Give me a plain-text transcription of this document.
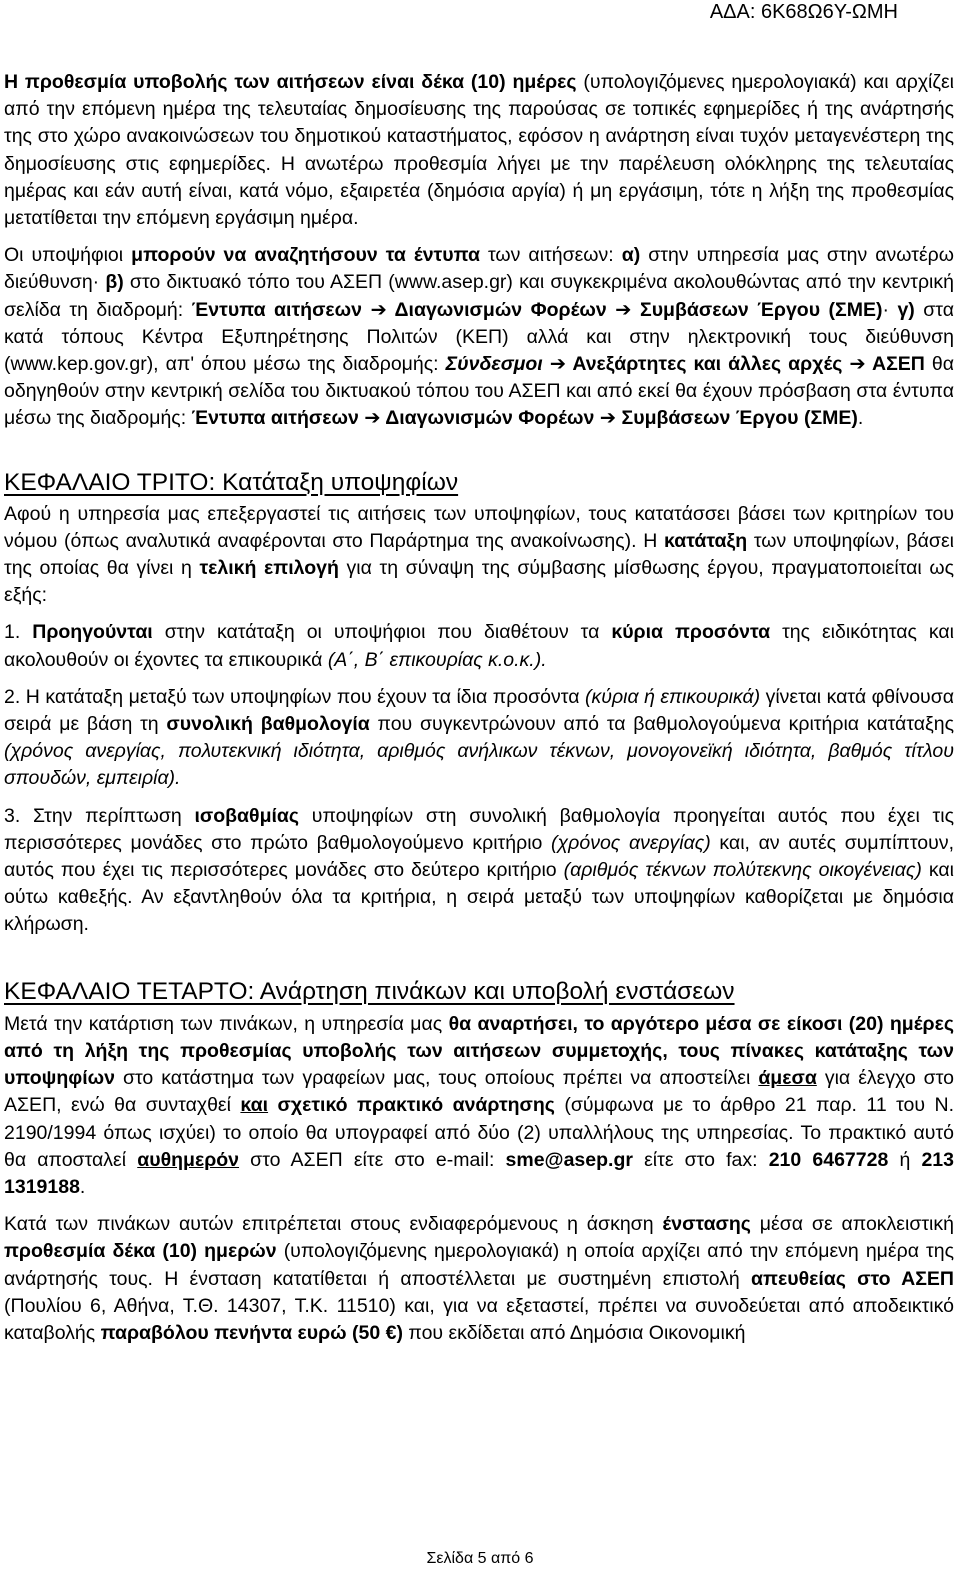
ΑΔΑ: 6Κ68Ω6Υ-ΩΜΗ

Η προθεσμία υποβολής των αιτήσεων είναι δέκα (10) ημέρες (υπολογιζόμενες ημερολογιακά) και αρχίζει από την επόμενη ημέρα της τελευταίας δημοσίευσης της παρούσας σε τοπικές εφημερίδες ή της ανάρτησής της στο χώρο ανακοινώσεων του δημοτικού καταστήματος, εφόσον η ανάρτηση είναι τυχόν μεταγενέστερη της δημοσίευσης στις εφημερίδες. Η ανωτέρω προθεσμία λήγει με την παρέλευση ολόκληρης της τελευταίας ημέρας και εάν αυτή είναι, κατά νόμο, εξαιρετέα (δημόσια αργία) ή μη εργάσιμη, τότε η λήξη της προθεσμίας μετατίθεται την επόμενη εργάσιμη ημέρα.

Οι υποψήφιοι μπορούν να αναζητήσουν τα έντυπα των αιτήσεων: α) στην υπηρεσία μας στην ανωτέρω διεύθυνση· β) στο δικτυακό τόπο του ΑΣΕΠ (www.asep.gr) και συγκεκριμένα ακολουθώντας από την κεντρική σελίδα τη διαδρομή: Έντυπα αιτήσεων ➔ Διαγωνισμών Φορέων ➔ Συμβάσεων Έργου (ΣΜΕ)· γ) στα κατά τόπους Κέντρα Εξυπηρέτησης Πολιτών (ΚΕΠ) αλλά και στην ηλεκτρονική τους διεύθυνση (www.kep.gov.gr), απ' όπου μέσω της διαδρομής: Σύνδεσμοι ➔ Ανεξάρτητες και άλλες αρχές ➔ ΑΣΕΠ θα οδηγηθούν στην κεντρική σελίδα του δικτυακού τόπου του ΑΣΕΠ και από εκεί θα έχουν πρόσβαση στα έντυπα μέσω της διαδρομής: Έντυπα αιτήσεων ➔ Διαγωνισμών Φορέων ➔ Συμβάσεων Έργου (ΣΜΕ).

ΚΕΦΑΛΑΙΟ ΤΡΙΤΟ: Κατάταξη υποψηφίων

Αφού η υπηρεσία μας επεξεργαστεί τις αιτήσεις των υποψηφίων, τους κατατάσσει βάσει των κριτηρίων του νόμου (όπως αναλυτικά αναφέρονται στο Παράρτημα της ανακοίνωσης). Η κατάταξη των υποψηφίων, βάσει της οποίας θα γίνει η τελική επιλογή για τη σύναψη της σύμβασης μίσθωσης έργου, πραγματοποιείται ως εξής:

1. Προηγούνται στην κατάταξη οι υποψήφιοι που διαθέτουν τα κύρια προσόντα της ειδικότητας και ακολουθούν οι έχοντες τα επικουρικά (Α΄, Β΄ επικουρίας κ.ο.κ.).

2. Η κατάταξη μεταξύ των υποψηφίων που έχουν τα ίδια προσόντα (κύρια ή επικουρικά) γίνεται κατά φθίνουσα σειρά με βάση τη συνολική βαθμολογία που συγκεντρώνουν από τα βαθμολογούμενα κριτήρια κατάταξης (χρόνος ανεργίας, πολυτεκνική ιδιότητα, αριθμός ανήλικων τέκνων, μονογονεϊκή ιδιότητα, βαθμός τίτλου σπουδών, εμπειρία).

3. Στην περίπτωση ισοβαθμίας υποψηφίων στη συνολική βαθμολογία προηγείται αυτός που έχει τις περισσότερες μονάδες στο πρώτο βαθμολογούμενο κριτήριο (χρόνος ανεργίας) και, αν αυτές συμπίπτουν, αυτός που έχει τις περισσότερες μονάδες στο δεύτερο κριτήριο (αριθμός τέκνων πολύτεκνης οικογένειας) και ούτω καθεξής. Αν εξαντληθούν όλα τα κριτήρια, η σειρά μεταξύ των υποψηφίων καθορίζεται με δημόσια κλήρωση.

ΚΕΦΑΛΑΙΟ ΤΕΤΑΡΤΟ: Ανάρτηση πινάκων και υποβολή ενστάσεων

Μετά την κατάρτιση των πινάκων, η υπηρεσία μας θα αναρτήσει, το αργότερο μέσα σε είκοσι (20) ημέρες από τη λήξη της προθεσμίας υποβολής των αιτήσεων συμμετοχής, τους πίνακες κατάταξης των υποψηφίων στο κατάστημα των γραφείων μας, τους οποίους πρέπει να αποστείλει άμεσα για έλεγχο στο ΑΣΕΠ, ενώ θα συνταχθεί και σχετικό πρακτικό ανάρτησης (σύμφωνα με το άρθρο 21 παρ. 11 του Ν. 2190/1994 όπως ισχύει) το οποίο θα υπογραφεί από δύο (2) υπαλλήλους της υπηρεσίας. Το πρακτικό αυτό θα αποσταλεί αυθημερόν στο ΑΣΕΠ είτε στο e-mail: sme@asep.gr είτε στο fax: 210 6467728 ή 213 1319188.

Κατά των πινάκων αυτών επιτρέπεται στους ενδιαφερόμενους η άσκηση ένστασης μέσα σε αποκλειστική προθεσμία δέκα (10) ημερών (υπολογιζόμενης ημερολογιακά) η οποία αρχίζει από την επόμενη ημέρα της ανάρτησής τους. Η ένσταση κατατίθεται ή αποστέλλεται με συστημένη επιστολή απευθείας στο ΑΣΕΠ (Πουλίου 6, Αθήνα, Τ.Θ. 14307, Τ.Κ. 11510) και, για να εξεταστεί, πρέπει να συνοδεύεται από αποδεικτικό καταβολής παραβόλου πενήντα ευρώ (50 €) που εκδίδεται από Δημόσια Οικονομική

Σελίδα 5 από 6
